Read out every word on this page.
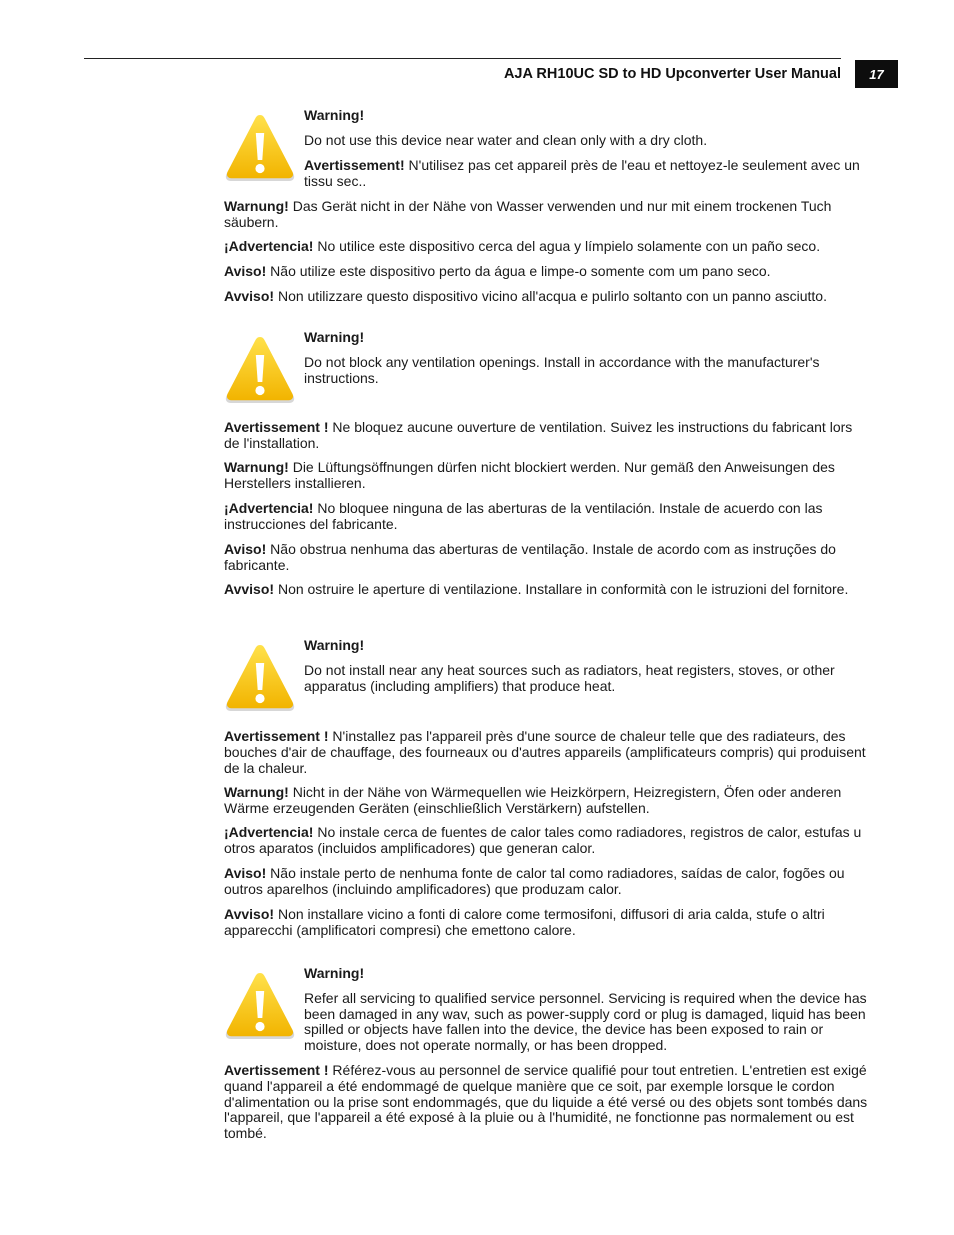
AJA RH10UC SD to HD Upconverter User Manual	17
Warning!
Do not use this device near water and clean only with a dry cloth.
Avertissement! N'utilisez pas cet appareil près de l'eau et nettoyez-le seulement avec un tissu sec..
Warnung! Das Gerät nicht in der Nähe von Wasser verwenden und nur mit einem trockenen Tuch säubern.
¡Advertencia! No utilice este dispositivo cerca del agua y límpielo solamente con un paño seco.
Aviso! Não utilize este dispositivo perto da água e limpe-o somente com um pano seco.
Avviso! Non utilizzare questo dispositivo vicino all'acqua e pulirlo soltanto con un panno asciutto.
Warning!
Do not block any ventilation openings. Install in accordance with the manufacturer's instructions.
Avertissement ! Ne bloquez aucune ouverture de ventilation. Suivez les instructions du fabricant lors de l'installation.
Warnung! Die Lüftungsöffnungen dürfen nicht blockiert werden. Nur gemäß den Anweisungen des Herstellers installieren.
¡Advertencia! No bloquee ninguna de las aberturas de la ventilación. Instale de acuerdo con las instrucciones del fabricante.
Aviso! Não obstrua nenhuma das aberturas de ventilação. Instale de acordo com as instruções do fabricante.
Avviso! Non ostruire le aperture di ventilazione. Installare in conformità con le istruzioni del fornitore.
Warning!
Do not install near any heat sources such as radiators, heat registers, stoves, or other apparatus (including amplifiers) that produce heat.
Avertissement ! N'installez pas l'appareil près d'une source de chaleur telle que des radiateurs, des bouches d'air de chauffage, des fourneaux ou d'autres appareils (amplificateurs compris) qui produisent de la chaleur.
Warnung! Nicht in der Nähe von Wärmequellen wie Heizkörpern, Heizregistern, Öfen oder anderen Wärme erzeugenden Geräten (einschließlich Verstärkern) aufstellen.
¡Advertencia! No instale cerca de fuentes de calor tales como radiadores, registros de calor, estufas u otros aparatos (incluidos amplificadores) que generan calor.
Aviso! Não instale perto de nenhuma fonte de calor tal como radiadores, saídas de calor, fogões ou outros aparelhos (incluindo amplificadores) que produzam calor.
Avviso! Non installare vicino a fonti di calore come termosifoni, diffusori di aria calda, stufe o altri apparecchi (amplificatori compresi) che emettono calore.
Warning!
Refer all servicing to qualified service personnel. Servicing is required when the device has been damaged in any wav, such as power-supply cord or plug is damaged, liquid has been spilled or objects have fallen into the device, the device has been exposed to rain or moisture, does not operate normally, or has been dropped.
Avertissement ! Référez-vous au personnel de service qualifié pour tout entretien. L'entretien est exigé quand l'appareil a été endommagé de quelque manière que ce soit, par exemple lorsque le cordon d'alimentation ou la prise sont endommagés, que du liquide a été versé ou des objets sont tombés dans l'appareil, que l'appareil a été exposé à la pluie ou à l'humidité, ne fonctionne pas normalement ou est tombé.
